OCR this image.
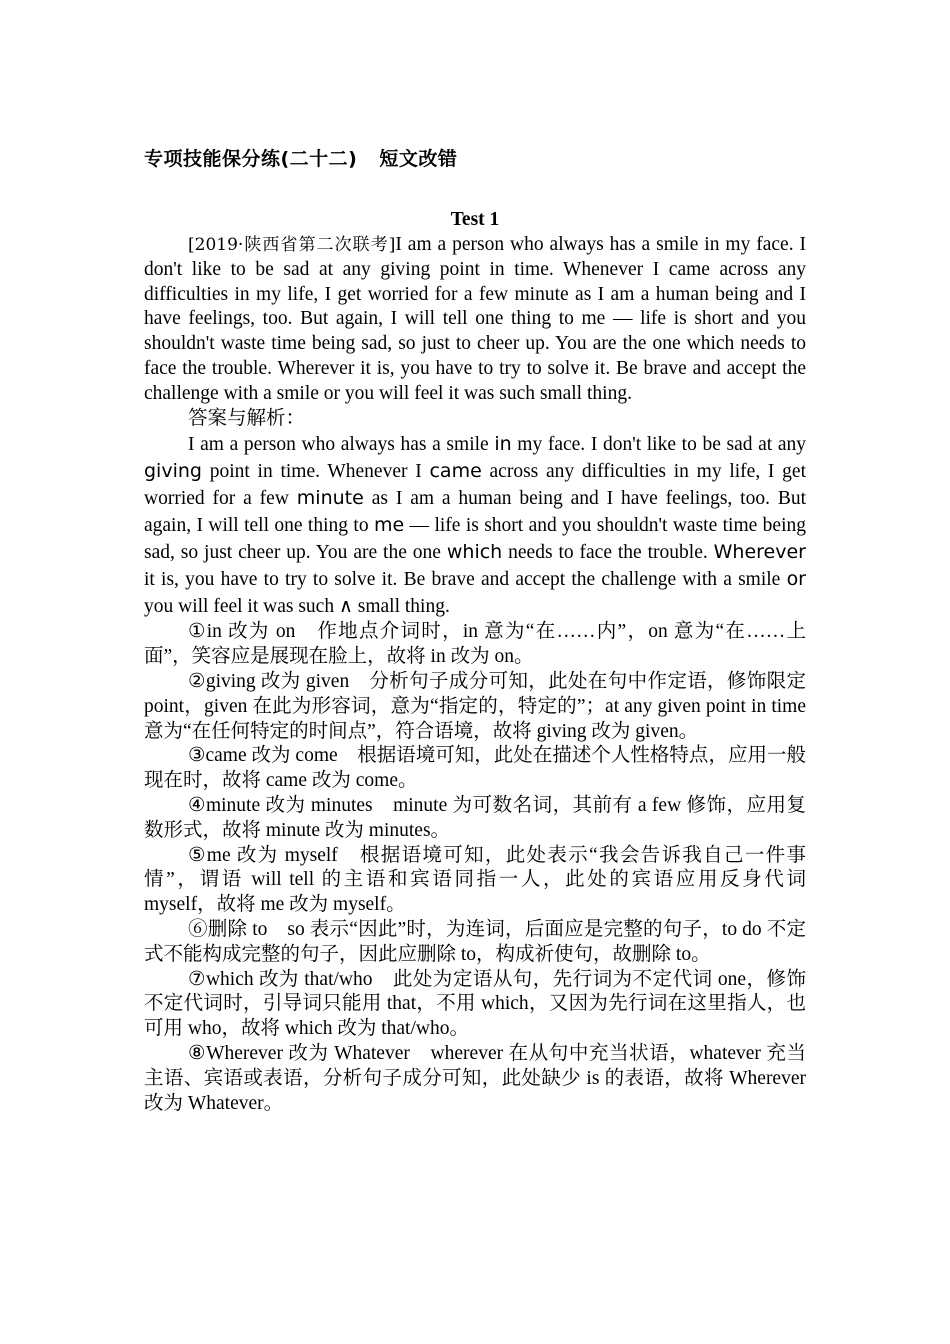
专项技能保分练(二十二) 短文改错
Test 1

[2019·陕西省第二次联考]I am a person who always has a smile in my face. I don't like to be sad at any giving point in time. Whenever I came across any difficulties in my life, I get worried for a few minute as I am a human being and I have feelings, too. But again, I will tell one thing to me — life is short and you shouldn't waste time being sad, so just to cheer up. You are the one which needs to face the trouble. Wherever it is, you have to try to solve it. Be brave and accept the challenge with a smile or you will feel it was such small thing.

答案与解析：

I am a person who always has a smile in my face. I don't like to be sad at any giving point in time. Whenever I came across any difficulties in my life, I get worried for a few minute as I am a human being and I have feelings, too. But again, I will tell one thing to me — life is short and you shouldn't waste time being sad, so just cheer up. You are the one which needs to face the trouble. Wherever it is, you have to try to solve it. Be brave and accept the challenge with a smile or you will feel it was such ∧ small thing.

①in 改为 on　作地点介词时，in 意为“在……内”，on 意为“在……上面”，笑容应是展现在脸上，故将 in 改为 on。

②giving 改为 given　分析句子成分可知，此处在句中作定语，修饰限定 point，given 在此为形容词，意为“指定的，特定的”；at any given point in time 意为“在任何特定的时间点”，符合语境，故将 giving 改为 given。

③came 改为 come　根据语境可知，此处在描述个人性格特点，应用一般现在时，故将 came 改为 come。

④minute 改为 minutes　minute 为可数名词，其前有 a few 修饰，应用复数形式，故将 minute 改为 minutes。

⑤me 改为 myself　根据语境可知，此处表示“我会告诉我自己一件事情”，谓语 will tell 的主语和宾语同指一人，此处的宾语应用反身代词 myself，故将 me 改为 myself。

⑥删除 to　so 表示“因此”时，为连词，后面应是完整的句子，to do 不定式不能构成完整的句子，因此应删除 to，构成祈使句，故删除 to。

⑦which 改为 that/who　此处为定语从句，先行词为不定代词 one，修饰不定代词时，引导词只能用 that，不用 which，又因为先行词在这里指人，也可用 who，故将 which 改为 that/who。

⑧Wherever 改为 Whatever　wherever 在从句中充当状语，whatever 充当主语、宾语或表语，分析句子成分可知，此处缺少 is 的表语，故将 Wherever 改为 Whatever。
